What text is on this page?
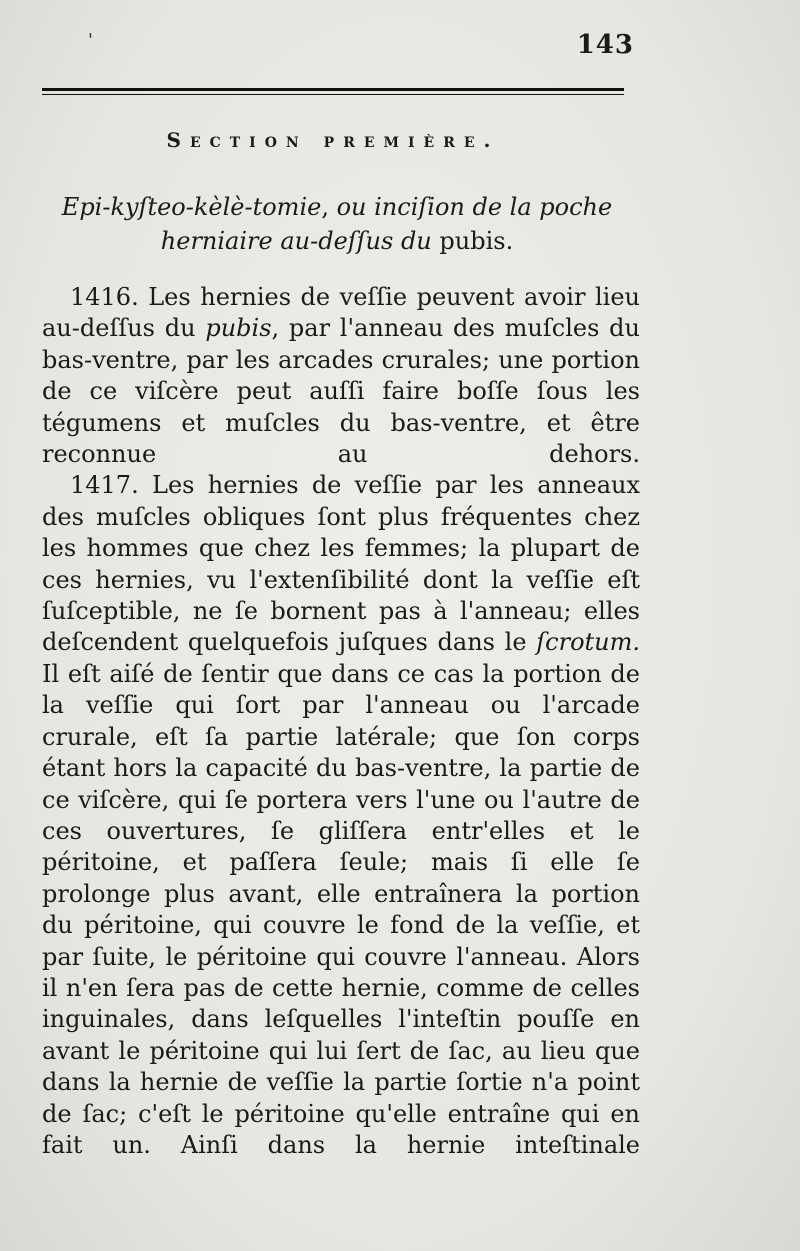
'	143
Section première.
Epi-kyſteo-kèlè-tomie, ou inciſion de la poche
herniaire au-deſſus du pubis.

1416. Les hernies de veſſie peuvent avoir lieu au-deſſus du pubis, par l'anneau des muſcles du bas-ventre, par les arcades crurales; une portion de ce viſcère peut auſſi faire boſſe ſous les tégumens et muſcles du bas-ventre, et être reconnue au dehors.

1417. Les hernies de veſſie par les anneaux des muſcles obliques ſont plus fréquentes chez les hommes que chez les femmes; la plupart de ces hernies, vu l'extenſibilité dont la veſſie eſt ſuſceptible, ne ſe bornent pas à l'anneau; elles deſcendent quelquefois juſques dans le ſcrotum. Il eſt aiſé de ſentir que dans ce cas la portion de la veſſie qui ſort par l'anneau ou l'arcade crurale, eſt ſa partie latérale; que ſon corps étant hors la capacité du bas-ventre, la partie de ce viſcère, qui ſe portera vers l'une ou l'autre de ces ouvertures, ſe gliſſera entr'elles et le péritoine, et paſſera ſeule; mais ſi elle ſe prolonge plus avant, elle entraînera la portion du péritoine, qui couvre le fond de la veſſie, et par ſuite, le péritoine qui couvre l'anneau. Alors il n'en ſera pas de cette hernie, comme de celles inguinales, dans leſquelles l'inteſtin pouſſe en avant le péritoine qui lui ſert de ſac, au lieu que dans la hernie de veſſie la partie ſortie n'a point de ſac; c'eſt le péritoine qu'elle entraîne qui en fait un. Ainſi dans la hernie inteſtinale
